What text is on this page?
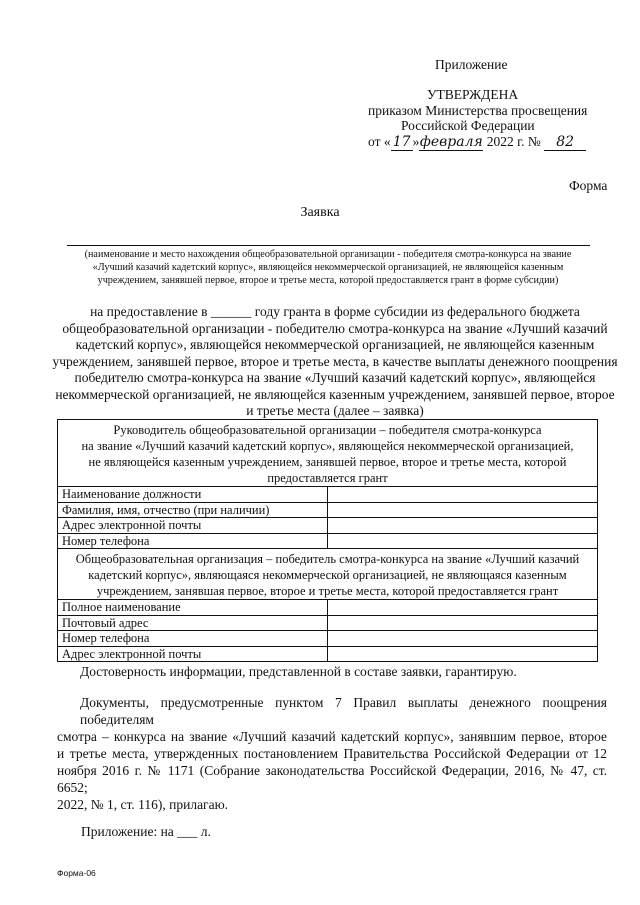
Приложение
УТВЕРЖДЕНА
приказом Министерства просвещения
Российской Федерации
от « 17 »февраля 2022 г. № 82
Форма
Заявка
(наименование и место нахождения общеобразовательной организации - победителя смотра-конкурса на звание
«Лучший казачий кадетский корпус», являющейся некоммерческой организацией, не являющейся казенным
учреждением, занявшей первое, второе и третье места, которой предоставляется грант в форме субсидии)
на предоставление в ______ году гранта в форме субсидии из федерального бюджета
общеобразовательной организации - победителю смотра-конкурса на звание «Лучший казачий
кадетский корпус», являющейся некоммерческой организацией, не являющейся казенным
учреждением, занявшей первое, второе и третье места, в качестве выплаты денежного поощрения
победителю смотра-конкурса на звание «Лучший казачий кадетский корпус», являющейся
некоммерческой организацией, не являющейся казенным учреждением, занявшей первое, второе
и третье места (далее – заявка)
Руководитель общеобразовательной организации – победителя смотра-конкурса
на звание «Лучший казачий кадетский корпус», являющейся некоммерческой организацией,
не являющейся казенным учреждением, занявшей первое, второе и третье места, которой
предоставляется грант	

Наименование должности	
Фамилия, имя, отчество (при наличии)	
Адрес электронной почты	
Номер телефона	

Общеобразовательная организация – победитель смотра-конкурса на звание «Лучший казачий
кадетский корпус», являющаяся некоммерческой организацией, не являющаяся казенным
учреждением, занявшая первое, второе и третье места, которой предоставляется грант	

Полное наименование	
Почтовый адрес	
Номер телефона	
Адрес электронной почты	
Достоверность информации, представленной в составе заявки, гарантирую.
Документы, предусмотренные пунктом 7 Правил выплаты денежного поощрения победителям
смотра – конкурса на звание «Лучший казачий кадетский корпус», занявшим первое, второе
и третье места, утвержденных постановлением Правительства Российской Федерации от 12
ноября 2016 г. № 1171 (Собрание законодательства Российской Федерации, 2016, № 47, ст. 6652;
2022, № 1, ст. 116), прилагаю.
Приложение: на ___ л.
Форма-06
